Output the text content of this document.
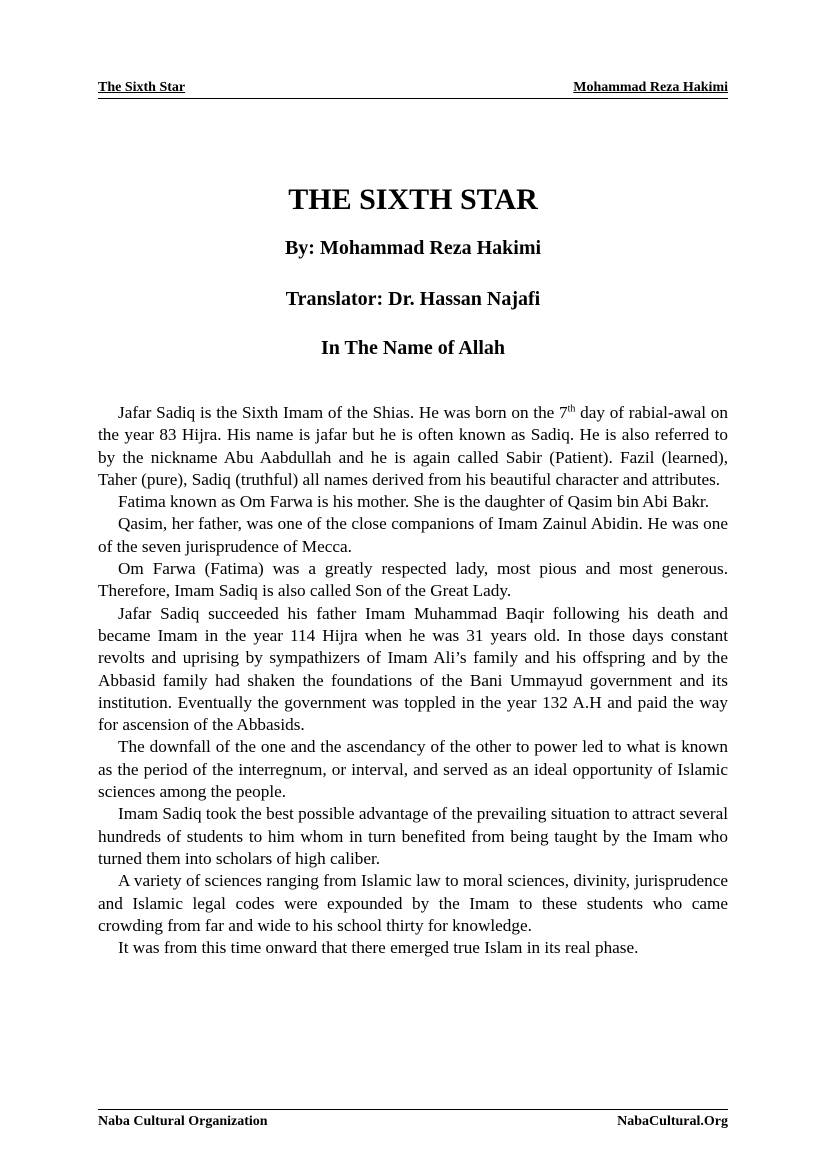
The Sixth Star	Mohammad Reza Hakimi
THE SIXTH STAR
By: Mohammad Reza Hakimi
Translator: Dr. Hassan Najafi
In The Name of Allah

Jafar Sadiq is the Sixth Imam of the Shias. He was born on the 7th day of rabial-awal on the year 83 Hijra. His name is jafar but he is often known as Sadiq. He is also referred to by the nickname Abu Aabdullah and he is again called Sabir (Patient). Fazil (learned), Taher (pure), Sadiq (truthful) all names derived from his beautiful character and attributes.

Fatima known as Om Farwa is his mother. She is the daughter of Qasim bin Abi Bakr.

Qasim, her father, was one of the close companions of Imam Zainul Abidin. He was one of the seven jurisprudence of Mecca.

Om Farwa (Fatima) was a greatly respected lady, most pious and most generous. Therefore, Imam Sadiq is also called Son of the Great Lady.

Jafar Sadiq succeeded his father Imam Muhammad Baqir following his death and became Imam in the year 114 Hijra when he was 31 years old. In those days constant revolts and uprising by sympathizers of Imam Ali’s family and his offspring and by the Abbasid family had shaken the foundations of the Bani Ummayud government and its institution. Eventually the government was toppled in the year 132 A.H and paid the way for ascension of the Abbasids.

The downfall of the one and the ascendancy of the other to power led to what is known as the period of the interregnum, or interval, and served as an ideal opportunity of Islamic sciences among the people.

Imam Sadiq took the best possible advantage of the prevailing situation to attract several hundreds of students to him whom in turn benefited from being taught by the Imam who turned them into scholars of high caliber.

A variety of sciences ranging from Islamic law to moral sciences, divinity, jurisprudence and Islamic legal codes were expounded by the Imam to these students who came crowding from far and wide to his school thirty for knowledge.

It was from this time onward that there emerged true Islam in its real phase.

Naba Cultural Organization	NabaCultural.Org
